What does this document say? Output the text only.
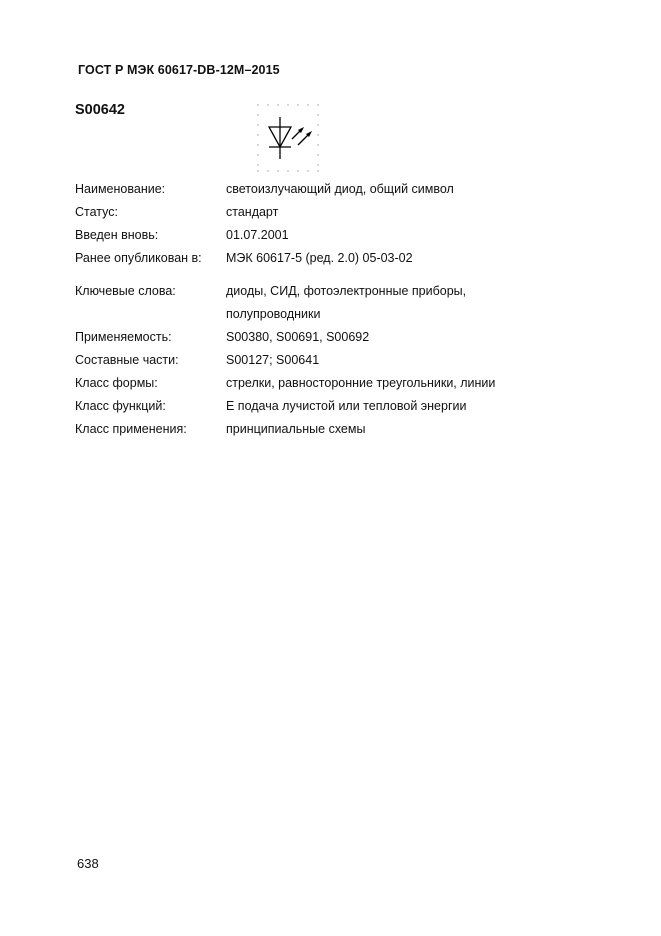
ГОСТ Р МЭК 60617-DB-12M–2015
S00642
Наименование:	светоизлучающий диод, общий символ
Статус:	стандарт
Введен вновь:	01.07.2001
Ранее опубликован в:	МЭК 60617-5 (ред. 2.0) 05-03-02
Ключевые слова:	диоды, СИД, фотоэлектронные приборы,
полупроводники
Применяемость:	S00380, S00691, S00692
Составные части:	S00127; S00641
Класс формы:	стрелки, равносторонние треугольники, линии
Класс функций:	E подача лучистой или тепловой энергии
Класс применения:	принципиальные схемы
638
